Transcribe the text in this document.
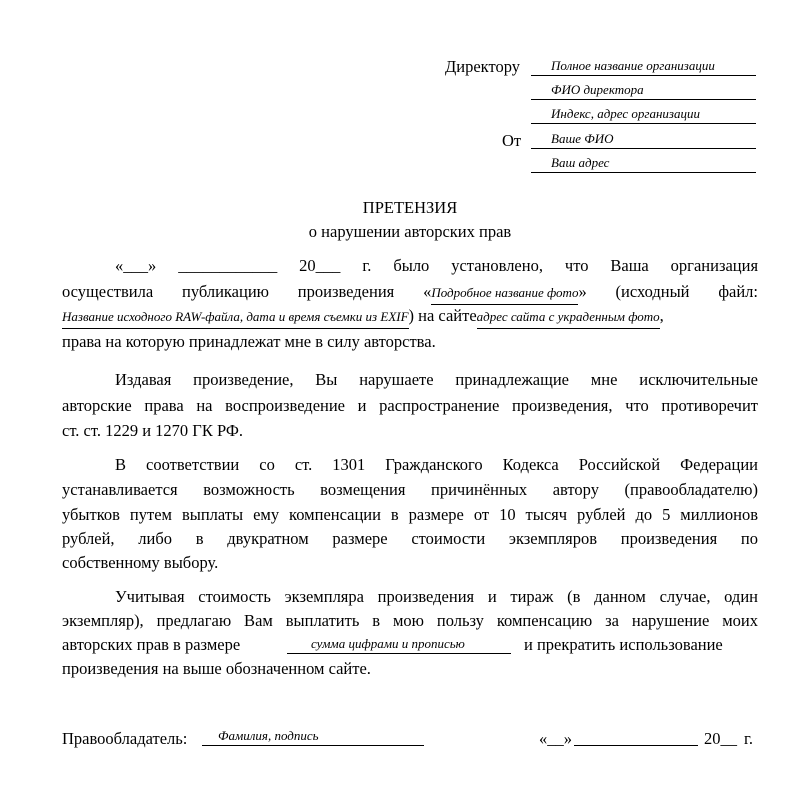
Директору Полное название организации
ФИО директора
Индекс, адрес организации
От Ваше ФИО
Ваш адрес
ПРЕТЕНЗИЯ
о нарушении авторских прав
«___» ____________ 20___ г. было установлено, что Ваша организация
осуществила публикацию произведения «Подробное название фото» (исходный файл:
Название исходного RAW-файла, дата и время съемки из EXIF) на сайтеадрес сайта с украденным фото,
права на которую принадлежат мне в силу авторства.
Издавая произведение, Вы нарушаете принадлежащие мне исключительные
авторские права на воспроизведение и распространение произведения, что противоречит
ст. ст. 1229 и 1270 ГК РФ.
В соответствии со ст. 1301 Гражданского Кодекса Российской Федерации
устанавливается возможность возмещения причинённых автору (правообладателю)
убытков путем выплаты ему компенсации в размере от 10 тысяч рублей до 5 миллионов
рублей, либо в двукратном размере стоимости экземпляров произведения по
собственному выбору.
Учитывая стоимость экземпляра произведения и тираж (в данном случае, один
экземпляр), предлагаю Вам выплатить в мою пользу компенсацию за нарушение моих
авторских прав в размере	сумма цифрами и прописью	и прекратить использование
произведения на выше обозначенном сайте.
Правообладатель: Фамилия, подпись	«__»	20__ г.
